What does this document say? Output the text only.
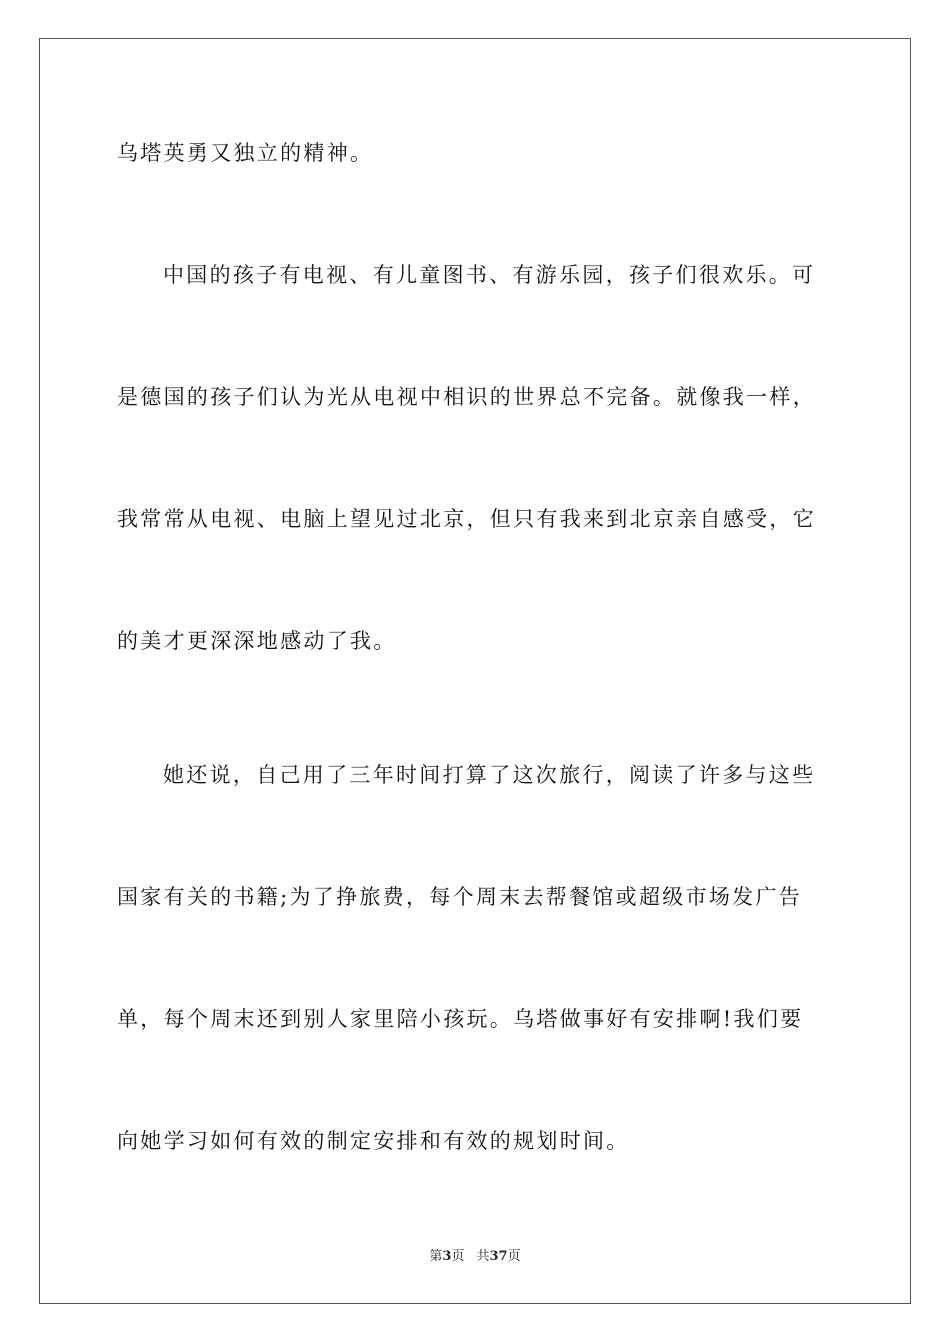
乌塔英勇又独立的精神。
中国的孩子有电视、有儿童图书、有游乐园，孩子们很欢乐。可
是德国的孩子们认为光从电视中相识的世界总不完备。就像我一样，
我常常从电视、电脑上望见过北京，但只有我来到北京亲自感受，它
的美才更深深地感动了我。
她还说，自己用了三年时间打算了这次旅行，阅读了许多与这些
国家有关的书籍;为了挣旅费，每个周末去帮餐馆或超级市场发广告
单，每个周末还到别人家里陪小孩玩。乌塔做事好有安排啊!我们要
向她学习如何有效的制定安排和有效的规划时间。
第3页 共37页
